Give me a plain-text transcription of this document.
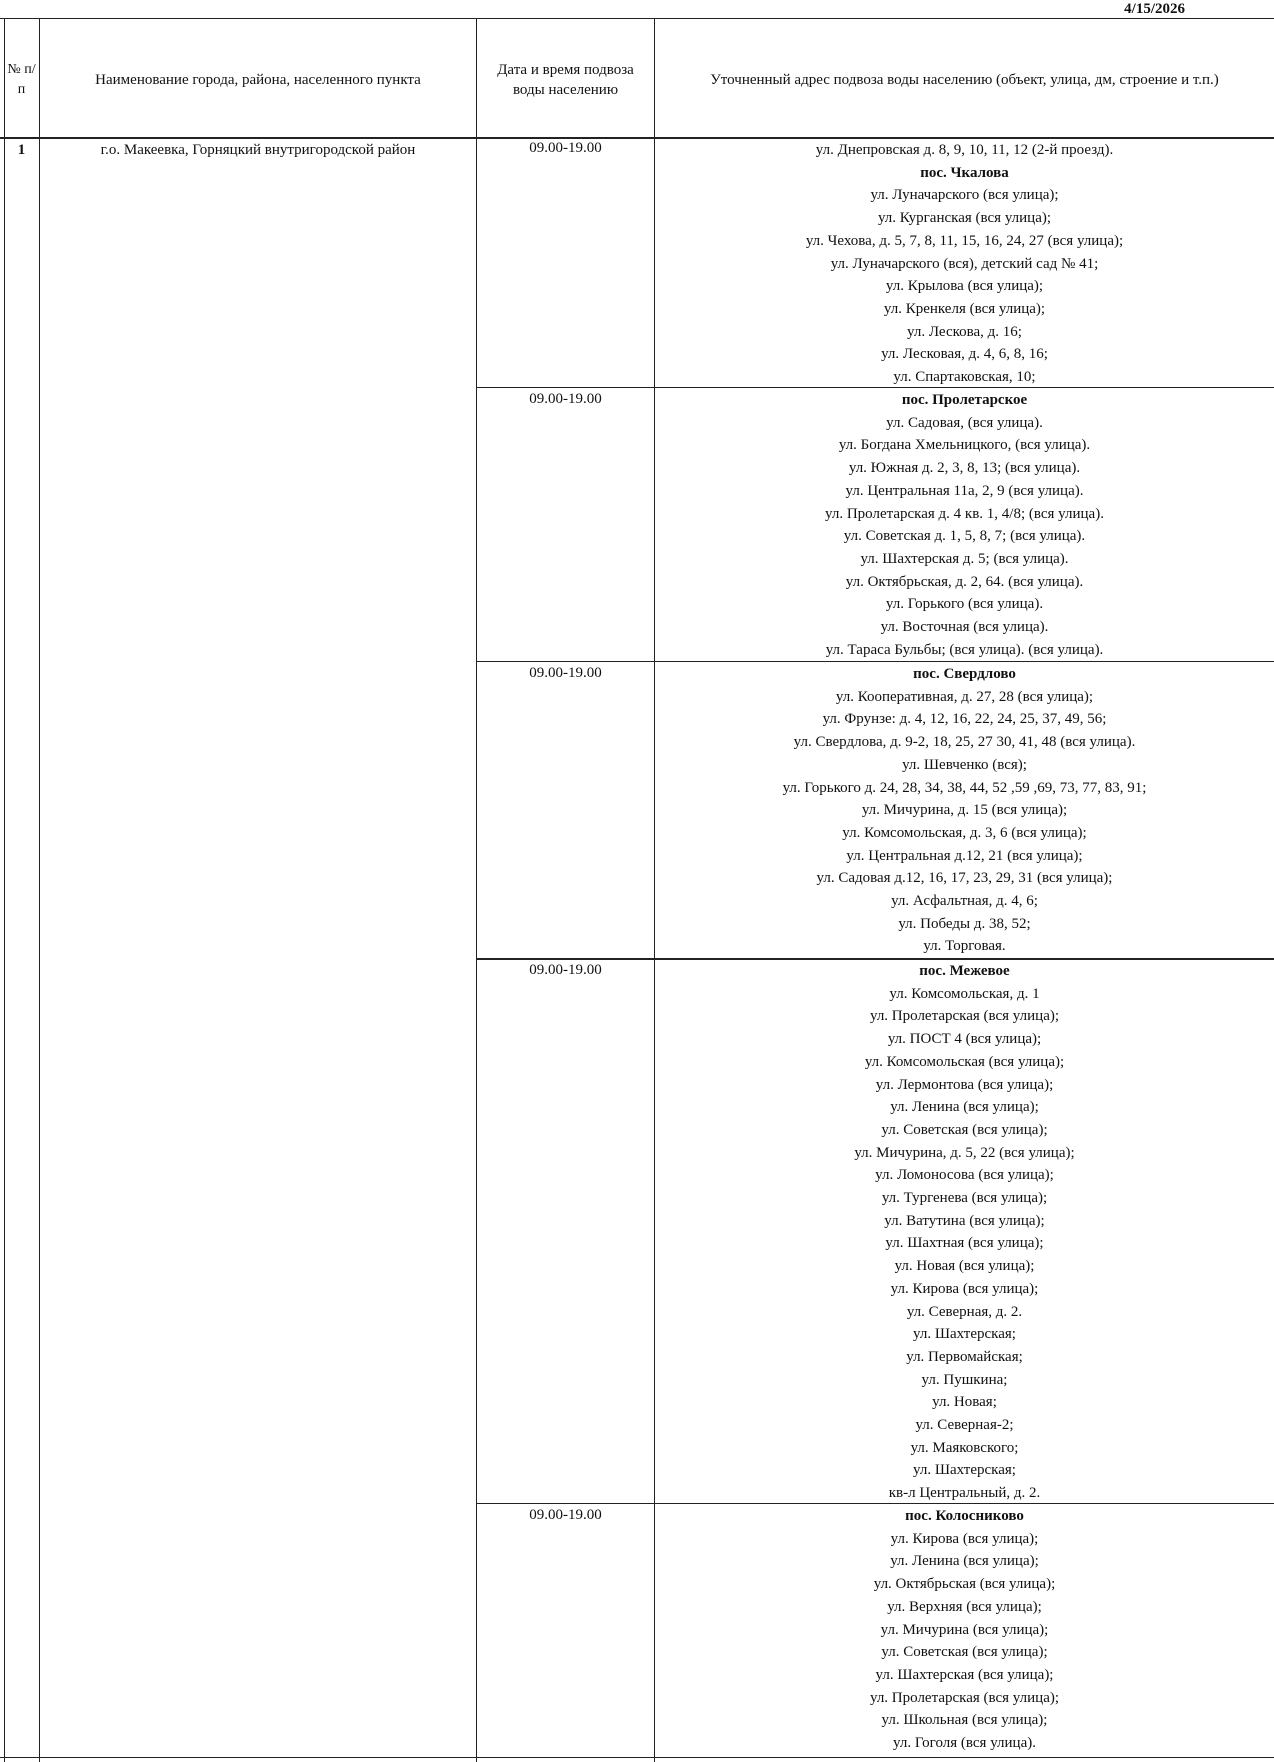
4/15/2026
№ п/п
Наименование города, района, населенного пункта
Дата и время подвоза воды населению
Уточненный адрес подвоза воды населению (объект, улица, дм, строение и т.п.)
1	г.о. Макеевка, Горняцкий внутригородской район	09.00-19.00
09.00-19.00
09.00-19.00
09.00-19.00
09.00-19.00
ул. Днепровская д. 8, 9, 10, 11, 12 (2-й проезд).
пос. Чкалова
ул. Луначарского (вся улица);
ул. Курганская (вся улица);
ул. Чехова, д. 5, 7, 8, 11, 15, 16, 24, 27 (вся улица);
ул. Луначарского (вся), детский сад № 41;
ул. Крылова (вся улица);
ул. Кренкеля (вся улица);
ул. Лескова, д. 16;
ул. Лесковая, д. 4, 6, 8, 16;
ул. Спартаковская, 10;
пос. Пролетарское
ул. Садовая, (вся улица).
ул. Богдана Хмельницкого, (вся улица).
ул. Южная д. 2, 3, 8, 13; (вся улица).
ул. Центральная 11а, 2, 9 (вся улица).
ул. Пролетарская д. 4 кв. 1, 4/8; (вся улица).
ул. Советская д. 1, 5, 8, 7; (вся улица).
ул. Шахтерская д. 5; (вся улица).
ул. Октябрьская, д. 2, 64. (вся улица).
ул. Горького (вся улица).
ул. Восточная (вся улица).
ул. Тараса Бульбы; (вся улица). (вся улица).
пос. Свердлово
ул. Кооперативная, д. 27, 28 (вся улица);
ул. Фрунзе: д. 4, 12, 16, 22, 24, 25, 37, 49, 56;
ул. Свердлова, д. 9-2, 18, 25, 27 30, 41, 48 (вся улица).
ул. Шевченко (вся);
ул. Горького д. 24, 28, 34, 38, 44, 52 ,59 ,69, 73, 77, 83, 91;
ул. Мичурина, д. 15 (вся улица);
ул. Комсомольская, д. 3, 6 (вся улица);
ул. Центральная д.12, 21 (вся улица);
ул. Садовая д.12, 16, 17, 23, 29, 31 (вся улица);
ул. Асфальтная, д. 4, 6;
ул. Победы д. 38, 52;
ул. Торговая.
пос. Межевое
ул. Комсомольская, д. 1
ул. Пролетарская (вся улица);
ул. ПОСТ 4 (вся улица);
ул. Комсомольская (вся улица);
ул. Лермонтова (вся улица);
ул. Ленина (вся улица);
ул. Советская (вся улица);
ул. Мичурина, д. 5, 22 (вся улица);
ул. Ломоносова (вся улица);
ул. Тургенева (вся улица);
ул. Ватутина (вся улица);
ул. Шахтная (вся улица);
ул. Новая (вся улица);
ул. Кирова (вся улица);
ул. Северная, д. 2.
ул. Шахтерская;
ул. Первомайская;
ул. Пушкина;
ул. Новая;
ул. Северная-2;
ул. Маяковского;
ул. Шахтерская;
кв-л Центральный, д. 2.
пос. Колосниково
ул. Кирова (вся улица);
ул. Ленина (вся улица);
ул. Октябрьская (вся улица);
ул. Верхняя (вся улица);
ул. Мичурина (вся улица);
ул. Советская (вся улица);
ул. Шахтерская (вся улица);
ул. Пролетарская (вся улица);
ул. Школьная (вся улица);
ул. Гоголя (вся улица).
